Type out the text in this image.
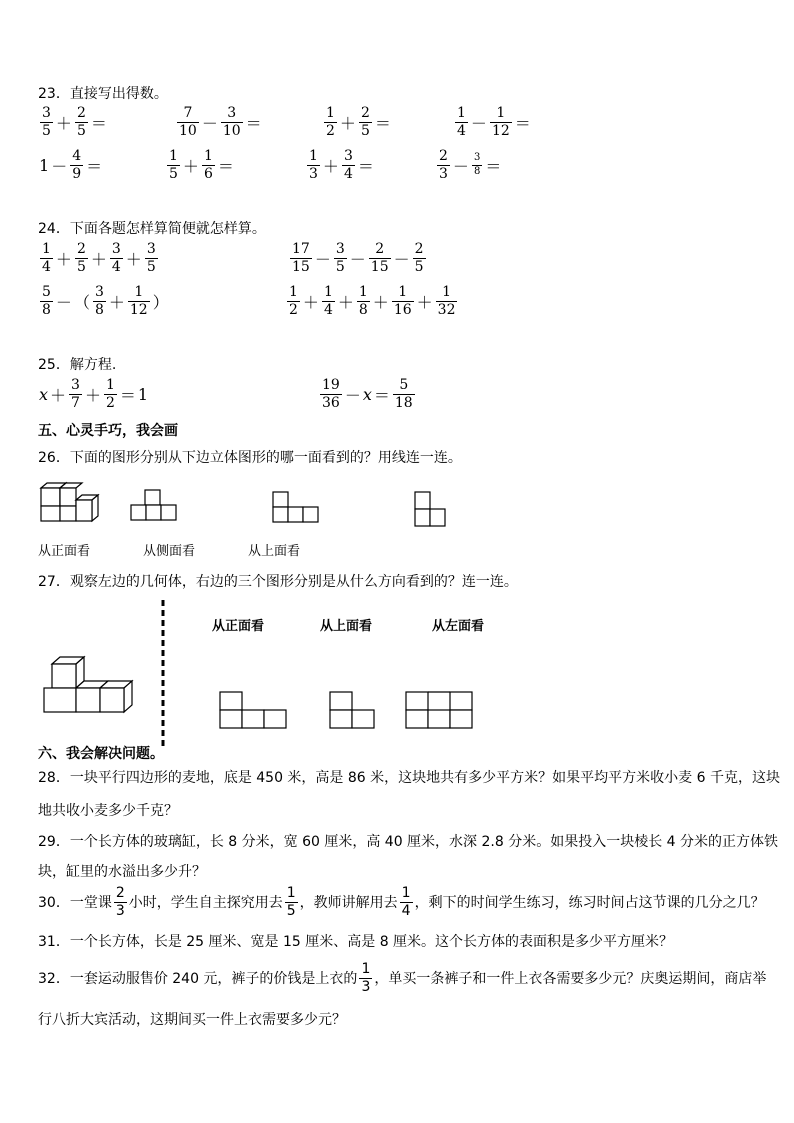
23．直接写出得数。
$\frac{3}{5} + \frac{2}{5}$ ＝	$\frac{7}{10} - \frac{3}{10}$ ＝	$\frac{1}{2} + \frac{2}{5}$ ＝	$\frac{1}{4} - \frac{1}{12}$ ＝
$1 - \frac{4}{9}$ ＝	$\frac{1}{5} + \frac{1}{6}$ ＝	$\frac{1}{3} + \frac{3}{4}$ ＝	$\frac{2}{3} - \frac{3}{8}$ ＝
24．下面各题怎样算简便就怎样算。
$\frac{1}{4} + \frac{2}{5} + \frac{3}{4} + \frac{3}{5}$	$\frac{17}{15} - \frac{3}{5} - \frac{2}{15} - \frac{2}{5}$
$\frac{5}{8}$ － （ $\frac{3}{8} + \frac{1}{12}$ ）	$\frac{1}{2} + \frac{1}{4} + \frac{1}{8} + \frac{1}{16} + \frac{1}{32}$
25．解方程.
$x + \frac{3}{7} + \frac{1}{2} = 1$	$\frac{19}{36} - x = \frac{5}{18}$
五、心灵手巧，我会画
26．下面的图形分别从下边立体图形的哪一面看到的？用线连一连。
从正面看	从侧面看	从上面看
27．观察左边的几何体，右边的三个图形分别是从什么方向看到的？连一连。
从正面看	从上面看	从左面看
六、我会解决问题。
28．一块平行四边形的麦地，底是 450 米，高是 86 米，这块地共有多少平方米？如果平均平方米收小麦 6 千克，这块
地共收小麦多少千克？
29．一个长方体的玻璃缸，长 8 分米，宽 60 厘米，高 40 厘米，水深 2.8 分米。如果投入一块棱长 4 分米的正方体铁
块，缸里的水溢出多少升？
30．一堂课 $\frac{2}{3}$ 小时，学生自主探究用去 $\frac{1}{5}$ ，教师讲解用去 $\frac{1}{4}$ ，剩下的时间学生练习，练习时间占这节课的几分之几？
31．一个长方体，长是 25 厘米、宽是 15 厘米、高是 8 厘米。这个长方体的表面积是多少平方厘米？
32．一套运动服售价 240 元，裤子的价钱是上衣的 $\frac{1}{3}$ ，单买一条裤子和一件上衣各需要多少元？庆奥运期间，商店举
行八折大宾活动，这期间买一件上衣需要多少元？
